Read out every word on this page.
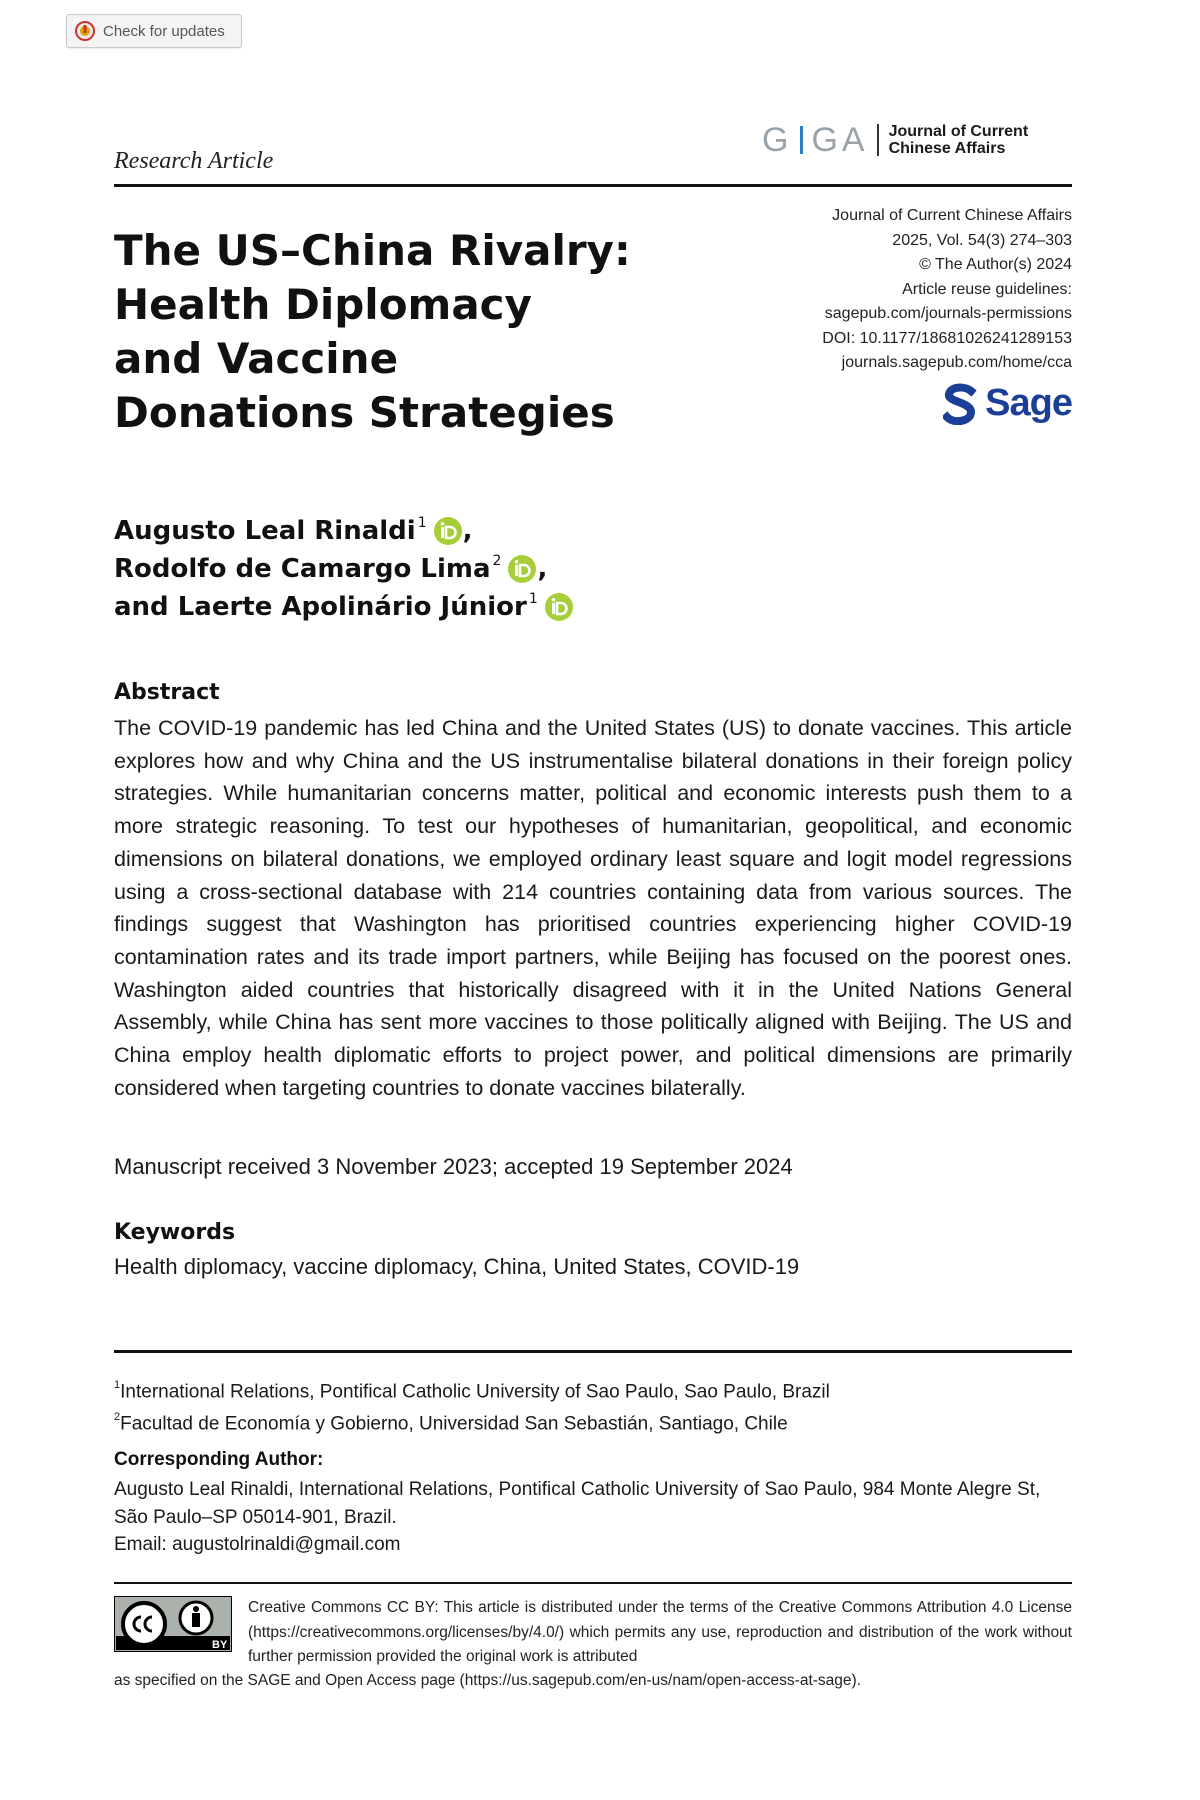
Check for updates
G GA Journal of Current
Chinese Affairs
Research Article
The US–China Rivalry:
Health Diplomacy
and Vaccine
Donations Strategies
Journal of Current Chinese Affairs
2025, Vol. 54(3) 274–303
© The Author(s) 2024
Article reuse guidelines:
sagepub.com/journals-permissions
DOI: 10.1177/18681026241289153
journals.sagepub.com/home/cca
Sage
Augusto Leal Rinaldi$^1$ ,
Rodolfo de Camargo Lima$^2$ ,
and Laerte Apolinário Júnior$^1$
Abstract
The COVID-19 pandemic has led China and the United States (US) to donate vaccines. This article explores how and why China and the US instrumentalise bilateral donations in their foreign policy strategies. While humanitarian concerns matter, political and economic interests push them to a more strategic reasoning. To test our hypotheses of humanitarian, geopolitical, and economic dimensions on bilateral donations, we employed ordinary least square and logit model regressions using a cross-sectional database with 214 countries containing data from various sources. The findings suggest that Washington has prioritised countries experiencing higher COVID-19 contamination rates and its trade import partners, while Beijing has focused on the poorest ones. Washington aided countries that historically disagreed with it in the United Nations General Assembly, while China has sent more vaccines to those politically aligned with Beijing. The US and China employ health diplomatic efforts to project power, and political dimensions are primarily considered when targeting countries to donate vaccines bilaterally.
Manuscript received 3 November 2023; accepted 19 September 2024
Keywords
Health diplomacy, vaccine diplomacy, China, United States, COVID-19
$^1$International Relations, Pontifical Catholic University of Sao Paulo, Sao Paulo, Brazil
$^2$Facultad de Economía y Gobierno, Universidad San Sebastián, Santiago, Chile
Corresponding Author:
Augusto Leal Rinaldi, International Relations, Pontifical Catholic University of Sao Paulo, 984 Monte Alegre St,
São Paulo–SP 05014-901, Brazil.
Email: augustolrinaldi@gmail.com
BY
Creative Commons CC BY: This article is distributed under the terms of the Creative Commons Attribution 4.0 License (https://creativecommons.org/licenses/by/4.0/) which permits any use, reproduction and distribution of the work without further permission provided the original work is attributed
as specified on the SAGE and Open Access page (https://us.sagepub.com/en-us/nam/open-access-at-sage).
